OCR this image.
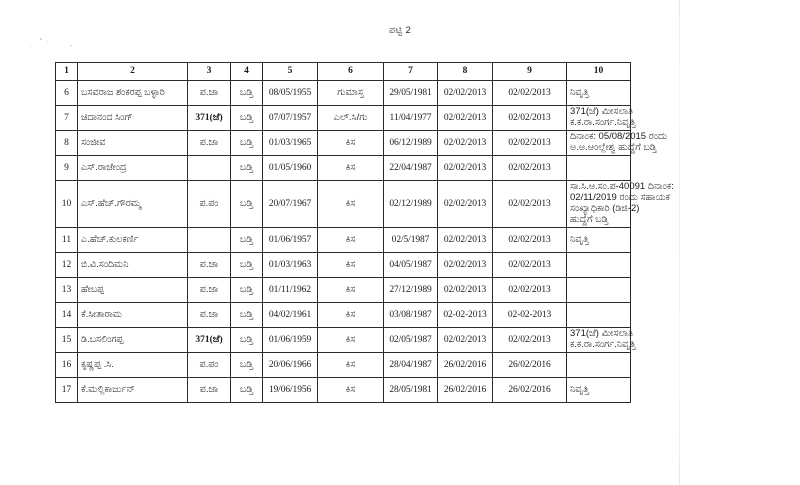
ಪಟ್ಟಿ 2
1	2	3	4	5	6	7	8	9	10
6	ಬಸವರಾಜ ಶಂಕರಪ್ಪ ಬಳ್ಳಾರಿ	ಪ.ಜಾ	ಬಡ್ತಿ	08/05/1955	ಗುಮಾಸ್ತ	29/05/1981	02/02/2013	02/02/2013	ನಿವೃತ್ತಿ

7	ಚಿದಾನಂದ ಸಿಂಗ್	371(ಜೆ)	ಬಡ್ತಿ	07/07/1957	ಎಲ್.ಸಿ/ಗು	11/04/1977	02/02/2013	02/02/2013	371(ಜೆ) ಮೀಸಲಾತಿ
ಕ.ಕ.ರಾ.ಸಂರ್ಗ.ನಿವೃತ್ತಿ

8	ಸಂಜೀವ	ಪ.ಜಾ	ಬಡ್ತಿ	01/03/1965	ಕಿಸ	06/12/1989	02/02/2013	02/02/2013	ದಿನಾಂಕ: 05/08/2015 ರಂದು
ಅ.ಅ.ಆಂಲ್ಲೇಶ್ವ ಹುದ್ದೆಗೆ ಬಡ್ತಿ

9	ಎಸ್.ರಾಜೇಂದ್ರ		ಬಡ್ತಿ	01/05/1960	ಕಿಸ	22/04/1987	02/02/2013	02/02/2013	
10	ಎಸ್.ಹೆಚ್.ಗೌರಮ್ಮ	ಪ.ಪಂ	ಬಡ್ತಿ	20/07/1967	ಕಿಸ	02/12/1989	02/02/2013	02/02/2013	ಸಾ.ಸಿ.ಆ.ಸಂ.ಪ-40091 ದಿನಾಂಕ:
02/11/2019 ರಂದು ಸಹಾಯಕ
ಸಂಖ್ಯಾಧಿಕಾರಿ (ಡಿಜಿ-2)
ಹುದ್ದೆಗೆ ಬಡ್ತಿ

11	ಎ.ಹೆಚ್.ಕುಲಕರ್ಣಿ		ಬಡ್ತಿ	01/06/1957	ಕಿಸ	02/5/1987	02/02/2013	02/02/2013	ನಿವೃತ್ತಿ

12	ಬಿ.ವಿ.ಸಂದಿಮನಿ	ಪ.ಜಾ	ಬಡ್ತಿ	01/03/1963	ಕಿಸ	04/05/1987	02/02/2013	02/02/2013	
13	ಹೇಬಪ್ಪ	ಪ.ಜಾ	ಬಡ್ತಿ	01/11/1962	ಕಿಸ	27/12/1989	02/02/2013	02/02/2013	
14	ಕೆ.ಸೀತಾರಾಮ	ಪ.ಜಾ	ಬಡ್ತಿ	04/02/1961	ಕಿಸ	03/08/1987	02-02-2013	02-02-2013	
15	ಡಿ.ಬಸಲಿಂಗಪ್ಪ	371(ಜೆ)	ಬಡ್ತಿ	01/06/1959	ಕಿಸ	02/05/1987	02/02/2013	02/02/2013	371(ಜೆ) ಮೀಸಲಾತಿ
ಕ.ಕ.ರಾ.ಸಂರ್ಗ.ನಿವೃತ್ತಿ

16	ಕೃಷ್ಣಪ್ಪ .ಸಿ.	ಪ.ಪಂ	ಬಡ್ತಿ	20/06/1966	ಕಿಸ	28/04/1987	26/02/2016	26/02/2016	
17	ಕೆ.ಮಲ್ಲಿಕಾರ್ಜುನ್	ಪ.ಜಾ	ಬಡ್ತಿ	19/06/1956	ಕಿಸ	28/05/1981	26/02/2016	26/02/2016	ನಿವೃತ್ತಿ
